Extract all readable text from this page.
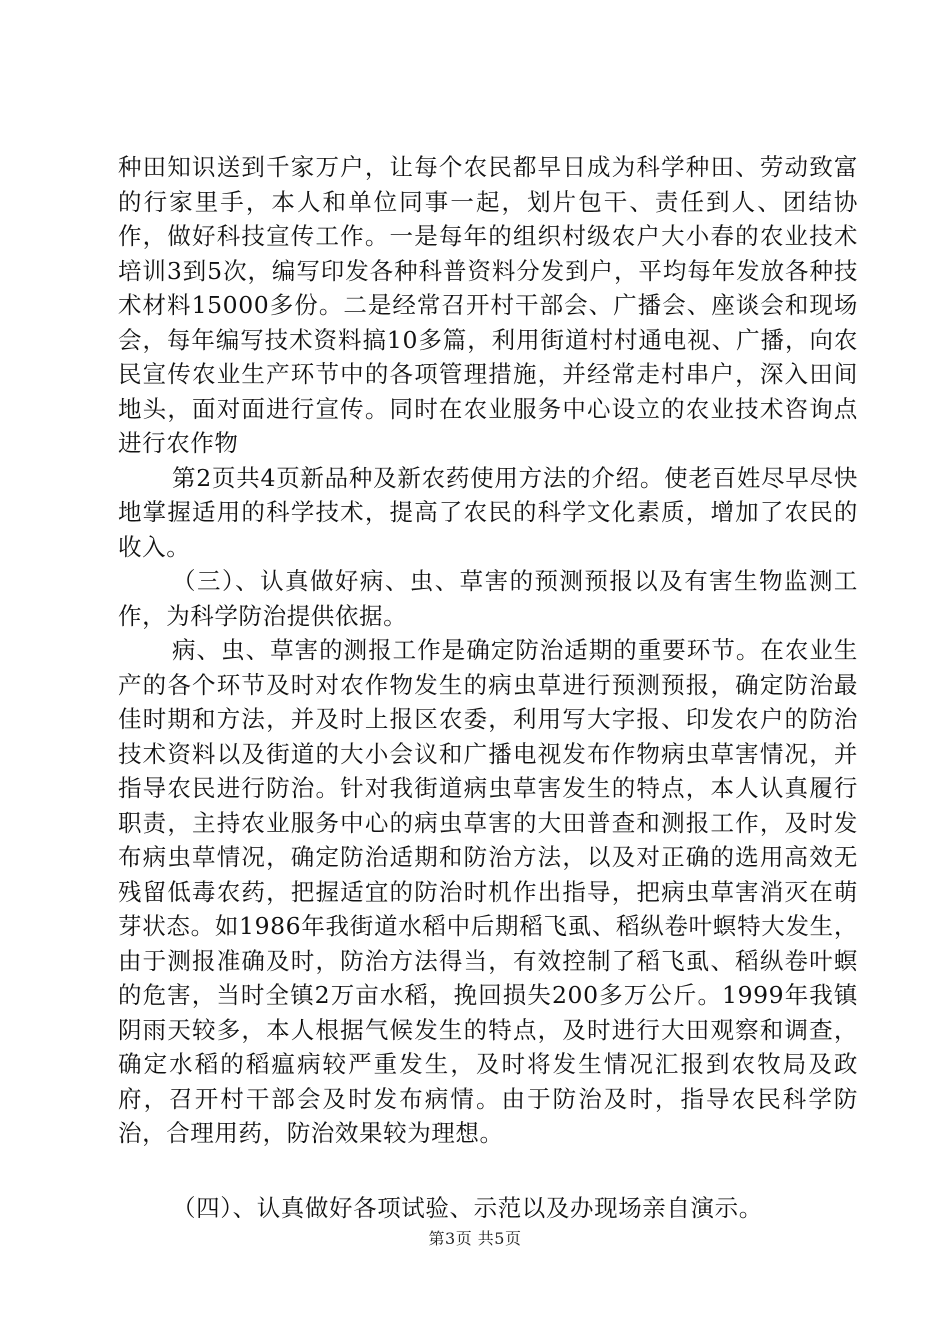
种田知识送到千家万户，让每个农民都早日成为科学种田、劳动致富的行家里手，本人和单位同事一起，划片包干、责任到人、团结协作，做好科技宣传工作。一是每年的组织村级农户大小春的农业技术培训3到5次，编写印发各种科普资料分发到户，平均每年发放各种技术材料15000多份。二是经常召开村干部会、广播会、座谈会和现场会，每年编写技术资料搞10多篇，利用街道村村通电视、广播，向农民宣传农业生产环节中的各项管理措施，并经常走村串户，深入田间地头，面对面进行宣传。同时在农业服务中心设立的农业技术咨询点进行农作物

第2页共4页新品种及新农药使用方法的介绍。使老百姓尽早尽快地掌握适用的科学技术，提高了农民的科学文化素质，增加了农民的收入。

（三）、认真做好病、虫、草害的预测预报以及有害生物监测工作，为科学防治提供依据。

病、虫、草害的测报工作是确定防治适期的重要环节。在农业生产的各个环节及时对农作物发生的病虫草进行预测预报，确定防治最佳时期和方法，并及时上报区农委，利用写大字报、印发农户的防治技术资料以及街道的大小会议和广播电视发布作物病虫草害情况，并指导农民进行防治。针对我街道病虫草害发生的特点，本人认真履行职责，主持农业服务中心的病虫草害的大田普查和测报工作，及时发布病虫草情况，确定防治适期和防治方法，以及对正确的选用高效无残留低毒农药，把握适宜的防治时机作出指导，把病虫草害消灭在萌芽状态。如1986年我街道水稻中后期稻飞虱、稻纵卷叶螟特大发生，由于测报准确及时，防治方法得当，有效控制了稻飞虱、稻纵卷叶螟的危害，当时全镇2万亩水稻，挽回损失200多万公斤。1999年我镇阴雨天较多，本人根据气候发生的特点，及时进行大田观察和调查，确定水稻的稻瘟病较严重发生，及时将发生情况汇报到农牧局及政府，召开村干部会及时发布病情。由于防治及时，指导农民科学防治，合理用药，防治效果较为理想。

（四）、认真做好各项试验、示范以及办现场亲自演示。

第3页 共5页
